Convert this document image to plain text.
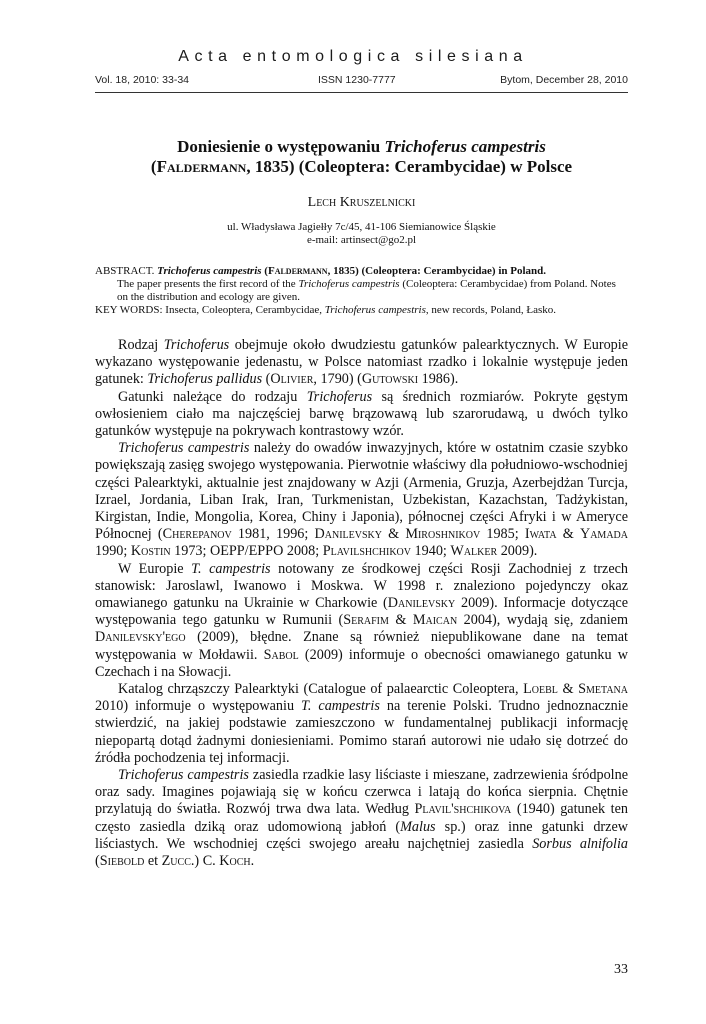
Acta entomologica silesiana
Vol. 18, 2010: 33-34	ISSN 1230-7777	Bytom, December 28, 2010
Doniesienie o występowaniu Trichoferus campestris
(Faldermann, 1835) (Coleoptera: Cerambycidae) w Polsce
Lech Kruszelnicki
ul. Władysława Jagiełły 7c/45, 41-106 Siemianowice Śląskie
e-mail: artinsect@go2.pl

ABSTRACT. Trichoferus campestris (Faldermann, 1835) (Coleoptera: Cerambycidae) in Poland.

The paper presents the first record of the Trichoferus campestris (Coleoptera: Cerambycidae) from Poland. Notes on the distribution and ecology are given.

KEY WORDS: Insecta, Coleoptera, Cerambycidae, Trichoferus campestris, new records, Poland, Łasko.

Rodzaj Trichoferus obejmuje około dwudziestu gatunków palearktycznych. W Europie wykazano występowanie jedenastu, w Polsce natomiast rzadko i lokalnie występuje jeden gatunek: Trichoferus pallidus (Olivier, 1790) (Gutowski 1986).

Gatunki należące do rodzaju Trichoferus są średnich rozmiarów. Pokryte gęstym owłosieniem ciało ma najczęściej barwę brązowawą lub szarorudawą, u dwóch tylko gatunków występuje na pokrywach kontrastowy wzór.

Trichoferus campestris należy do owadów inwazyjnych, które w ostatnim czasie szybko powiększają zasięg swojego występowania. Pierwotnie właściwy dla południowo-wschodniej części Palearktyki, aktualnie jest znajdowany w Azji (Armenia, Gruzja, Azerbejdżan Turcja, Izrael, Jordania, Liban Irak, Iran, Turkmenistan, Uzbekistan, Kazachstan, Tadżykistan, Kirgistan, Indie, Mongolia, Korea, Chiny i Japonia), północnej części Afryki i w Ameryce Północnej (Cherepanov 1981, 1996; Danilevsky & Miroshnikov 1985; Iwata & Yamada 1990; Kostin 1973; OEPP/EPPO 2008; Plavilshchikov 1940; Walker 2009).

W Europie T. campestris notowany ze środkowej części Rosji Zachodniej z trzech stanowisk: Jaroslawl, Iwanowo i Moskwa. W 1998 r. znaleziono pojedynczy okaz omawianego gatunku na Ukrainie w Charkowie (Danilevsky 2009). Informacje dotyczące występowania tego gatunku w Rumunii (Serafim & Maican 2004), wydają się, zdaniem Danilevsky'ego (2009), błędne. Znane są również niepublikowane dane na temat występowania w Mołdawii. Sabol (2009) informuje o obecności omawianego gatunku w Czechach i na Słowacji.

Katalog chrząszczy Palearktyki (Catalogue of palaearctic Coleoptera, Loebl & Smetana 2010) informuje o występowaniu T. campestris na terenie Polski. Trudno jednoznacznie stwierdzić, na jakiej podstawie zamieszczono w fundamentalnej publikacji informację niepopartą dotąd żadnymi doniesieniami. Pomimo starań autorowi nie udało się dotrzeć do źródła pochodzenia tej informacji.

Trichoferus campestris zasiedla rzadkie lasy liściaste i mieszane, zadrzewienia śródpolne oraz sady. Imagines pojawiają się w końcu czerwca i latają do końca sierpnia. Chętnie przylatują do światła. Rozwój trwa dwa lata. Według Plavil'shchikova (1940) gatunek ten często zasiedla dziką oraz udomowioną jabłoń (Malus sp.) oraz inne gatunki drzew liściastych. We wschodniej części swojego areału najchętniej zasiedla Sorbus alnifolia (Siebold et Zucc.) C. Koch.

33
